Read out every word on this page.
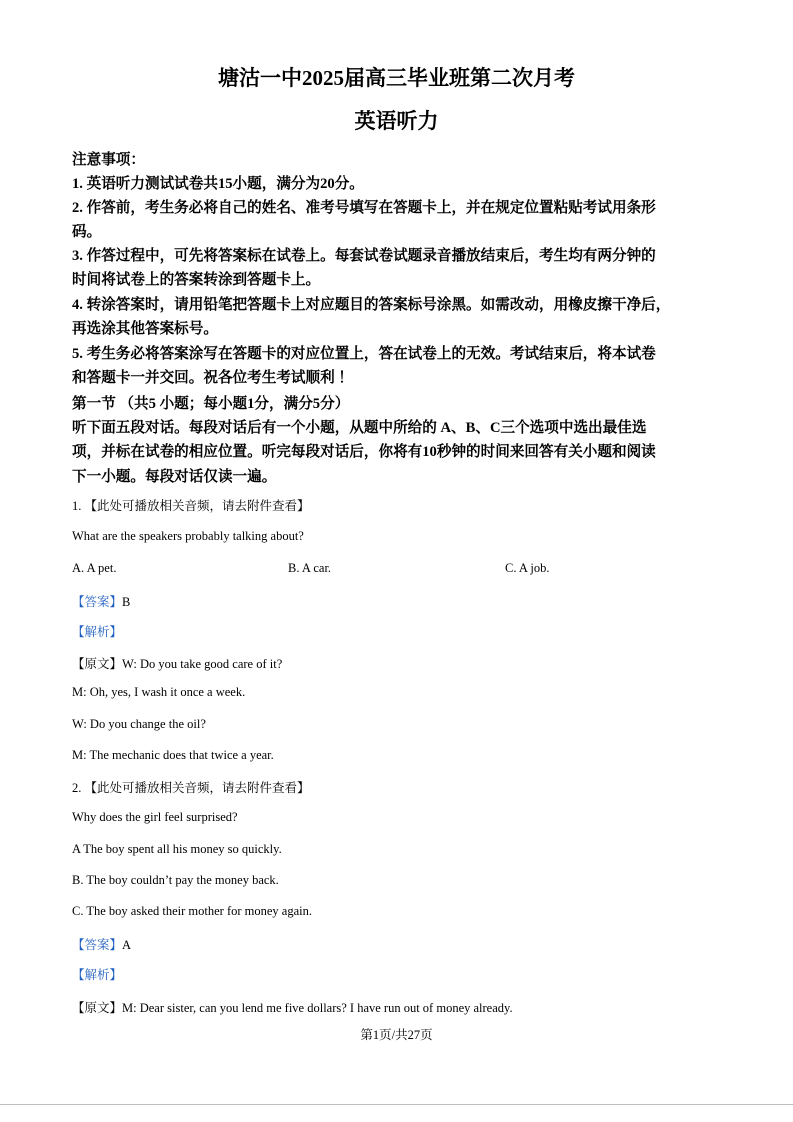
塘沽一中2025届高三毕业班第二次月考
英语听力
注意事项：
1. 英语听力测试试卷共15小题，满分为20分。
2. 作答前，考生务必将自己的姓名、准考号填写在答题卡上，并在规定位置粘贴考试用条形
码。
3. 作答过程中，可先将答案标在试卷上。每套试卷试题录音播放结束后，考生均有两分钟的
时间将试卷上的答案转涂到答题卡上。
4. 转涂答案时，请用铅笔把答题卡上对应题目的答案标号涂黑。如需改动，用橡皮擦干净后，
再选涂其他答案标号。
5. 考生务必将答案涂写在答题卡的对应位置上，答在试卷上的无效。考试结束后，将本试卷
和答题卡一并交回。祝各位考生考试顺利 ！
第一节 （共5 小题；每小题1分，满分5分）
听下面五段对话。每段对话后有一个小题，从题中所给的 A、B、C三个选项中选出最佳选
项，并标在试卷的相应位置。听完每段对话后，你将有10秒钟的时间来回答有关小题和阅读
下一小题。每段对话仅读一遍。
1. 【此处可播放相关音频，请去附件查看】
What are the speakers probably talking about?
A. A pet.	B. A car.	C. A job.
【答案】B
【解析】
【原文】W: Do you take good care of it?
M: Oh, yes, I wash it once a week.
W: Do you change the oil?
M: The mechanic does that twice a year.
2. 【此处可播放相关音频，请去附件查看】
Why does the girl feel surprised?
A The boy spent all his money so quickly.
B. The boy couldn’t pay the money back.
C. The boy asked their mother for money again.
【答案】A
【解析】
【原文】M: Dear sister, can you lend me five dollars? I have run out of money already.
第1页/共27页
